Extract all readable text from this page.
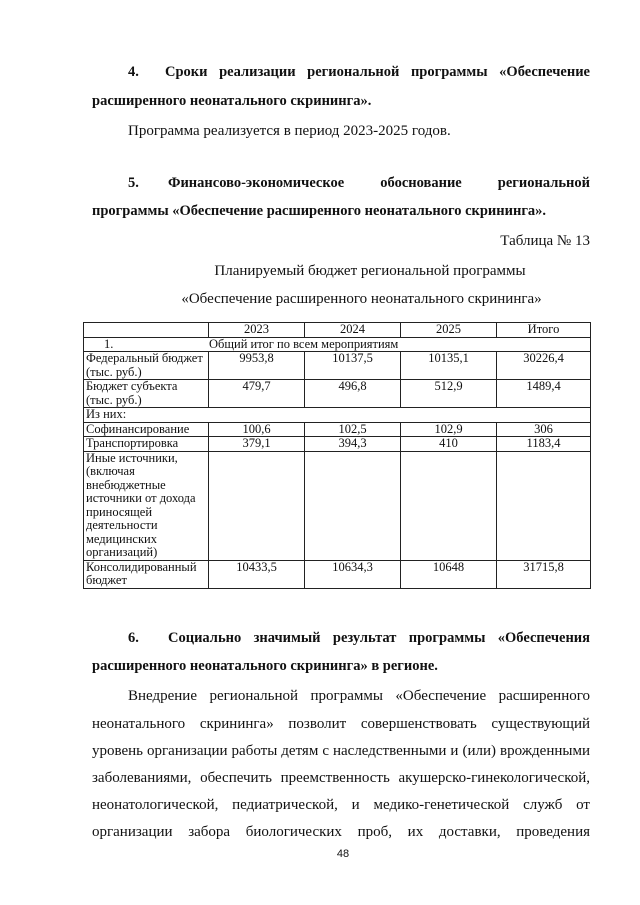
4. Сроки реализации региональной программы «Обеспечение
расширенного неонатального скрининга».
Программа реализуется в период 2023-2025 годов.
5. Финансово-экономическое обоснование региональной
программы «Обеспечение расширенного неонатального скрининга».
Таблица № 13
Планируемый бюджет региональной программы
«Обеспечение расширенного неонатального скрининга»
	2023	2024	2025	Итого
1. Общий итог по всем мероприятиям				

Федеральный бюджет (тыс. руб.)	9953,8	10137,5	10135,1	30226,4
Бюджет субъекта (тыс. руб.)	479,7	496,8	512,9	1489,4
Из них:				
Софинансирование	100,6	102,5	102,9	306
Транспортировка	379,1	394,3	410	1183,4
Иные источники, (включая внебюджетные источники от дохода приносящей деятельности медицинских организаций)				
Консолидированный бюджет	10433,5	10634,3	10648	31715,8
6. Социально значимый результат программы «Обеспечения
расширенного неонатального скрининга» в регионе.
Внедрение региональной программы «Обеспечение расширенного
неонатального скрининга» позволит совершенствовать существующий
уровень организации работы детям с наследственными и (или) врожденными
заболеваниями, обеспечить преемственность акушерско-гинекологической,
неонатологической, педиатрической, и медико-генетической служб от
организации забора биологических проб, их доставки, проведения
48
